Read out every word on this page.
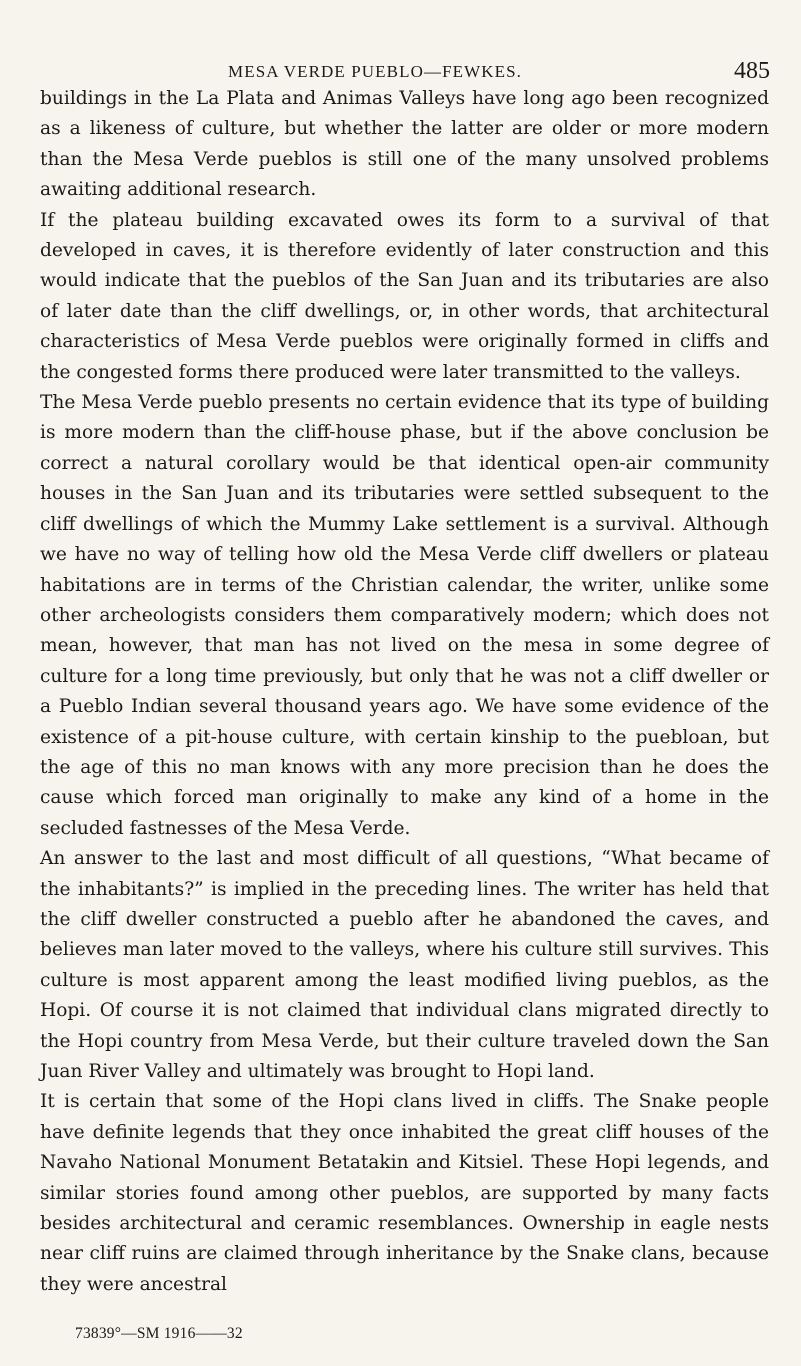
MESA VERDE PUEBLO—FEWKES.	485

buildings in the La Plata and Animas Valleys have long ago been recognized as a likeness of culture, but whether the latter are older or more modern than the Mesa Verde pueblos is still one of the many unsolved problems awaiting additional research.

If the plateau building excavated owes its form to a survival of that developed in caves, it is therefore evidently of later construction and this would indicate that the pueblos of the San Juan and its tributaries are also of later date than the cliff dwellings, or, in other words, that architectural characteristics of Mesa Verde pueblos were originally formed in cliffs and the congested forms there produced were later transmitted to the valleys.

The Mesa Verde pueblo presents no certain evidence that its type of building is more modern than the cliff-house phase, but if the above conclusion be correct a natural corollary would be that identical open-air community houses in the San Juan and its tributaries were settled subsequent to the cliff dwellings of which the Mummy Lake settlement is a survival. Although we have no way of telling how old the Mesa Verde cliff dwellers or plateau habitations are in terms of the Christian calendar, the writer, unlike some other archeologists considers them comparatively modern; which does not mean, however, that man has not lived on the mesa in some degree of culture for a long time previously, but only that he was not a cliff dweller or a Pueblo Indian several thousand years ago. We have some evidence of the existence of a pit-house culture, with certain kinship to the puebloan, but the age of this no man knows with any more precision than he does the cause which forced man originally to make any kind of a home in the secluded fastnesses of the Mesa Verde.

An answer to the last and most difficult of all questions, “What became of the inhabitants?” is implied in the preceding lines. The writer has held that the cliff dweller constructed a pueblo after he abandoned the caves, and believes man later moved to the valleys, where his culture still survives. This culture is most apparent among the least modified living pueblos, as the Hopi. Of course it is not claimed that individual clans migrated directly to the Hopi country from Mesa Verde, but their culture traveled down the San Juan River Valley and ultimately was brought to Hopi land.

It is certain that some of the Hopi clans lived in cliffs. The Snake people have definite legends that they once inhabited the great cliff houses of the Navaho National Monument Betatakin and Kitsiel. These Hopi legends, and similar stories found among other pueblos, are supported by many facts besides architectural and ceramic resemblances. Ownership in eagle nests near cliff ruins are claimed through inheritance by the Snake clans, because they were ancestral

73839°—SM 1916——32
